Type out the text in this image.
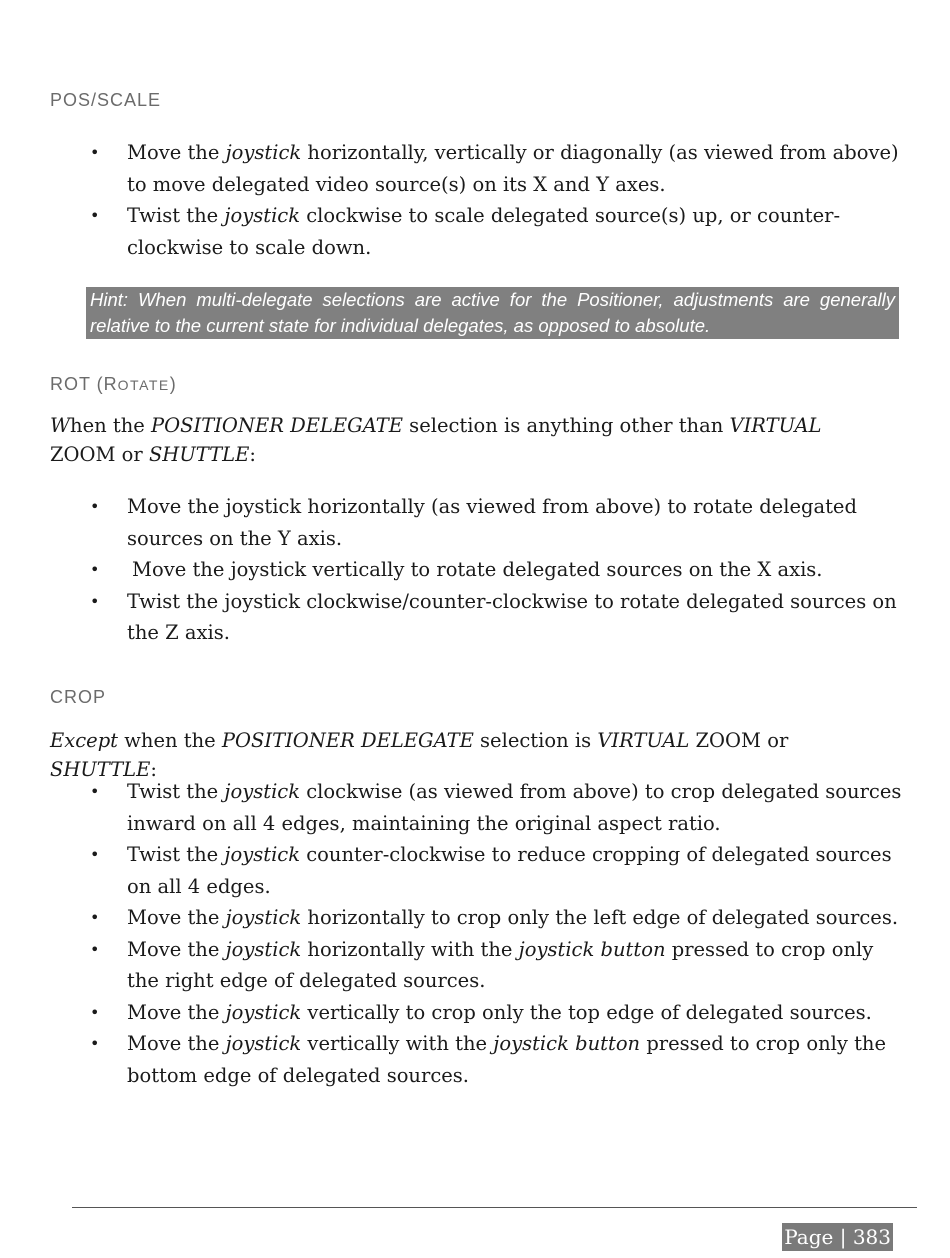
POS/SCALE
• Move the joystick horizontally, vertically or diagonally (as viewed from above) to move delegated video source(s) on its X and Y axes.
• Twist the joystick clockwise to scale delegated source(s) up, or counter-clockwise to scale down.
Hint: When multi-delegate selections are active for the Positioner, adjustments are generally relative to the current state for individual delegates, as opposed to absolute.
ROT (ROTATE)
When the POSITIONER DELEGATE selection is anything other than VIRTUAL ZOOM or SHUTTLE:
• Move the joystick horizontally (as viewed from above) to rotate delegated sources on the Y axis.
• Move the joystick vertically to rotate delegated sources on the X axis.
• Twist the joystick clockwise/counter-clockwise to rotate delegated sources on the Z axis.
CROP
Except when the POSITIONER DELEGATE selection is VIRTUAL ZOOM or SHUTTLE:
• Twist the joystick clockwise (as viewed from above) to crop delegated sources inward on all 4 edges, maintaining the original aspect ratio.
• Twist the joystick counter-clockwise to reduce cropping of delegated sources on all 4 edges.
• Move the joystick horizontally to crop only the left edge of delegated sources.
• Move the joystick horizontally with the joystick button pressed to crop only the right edge of delegated sources.
• Move the joystick vertically to crop only the top edge of delegated sources.
• Move the joystick vertically with the joystick button pressed to crop only the bottom edge of delegated sources.
Page | 383
